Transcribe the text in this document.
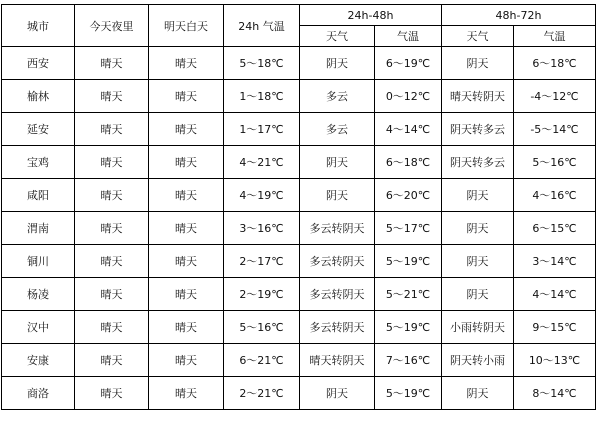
城市	今天夜里	明天白天	24h 气温	24h-48h		48h-72h	
				天气	气温	天气	气温
西安	晴天	晴天	5～18℃	阴天	6～19℃	阴天	6～18℃
榆林	晴天	晴天	1～18℃	多云	0～12℃	晴天转阴天	-4～12℃
延安	晴天	晴天	1～17℃	多云	4～14℃	阴天转多云	-5～14℃
宝鸡	晴天	晴天	4～21℃	阴天	6～18℃	阴天转多云	5～16℃
咸阳	晴天	晴天	4～19℃	阴天	6～20℃	阴天	4～16℃
渭南	晴天	晴天	3～16℃	多云转阴天	5～17℃	阴天	6～15℃
铜川	晴天	晴天	2～17℃	多云转阴天	5～19℃	阴天	3～14℃
杨凌	晴天	晴天	2～19℃	多云转阴天	5～21℃	阴天	4～14℃
汉中	晴天	晴天	5～16℃	多云转阴天	5～19℃	小雨转阴天	9～15℃
安康	晴天	晴天	6～21℃	晴天转阴天	7～16℃	阴天转小雨	10～13℃
商洛	晴天	晴天	2～21℃	阴天	5～19℃	阴天	8～14℃
